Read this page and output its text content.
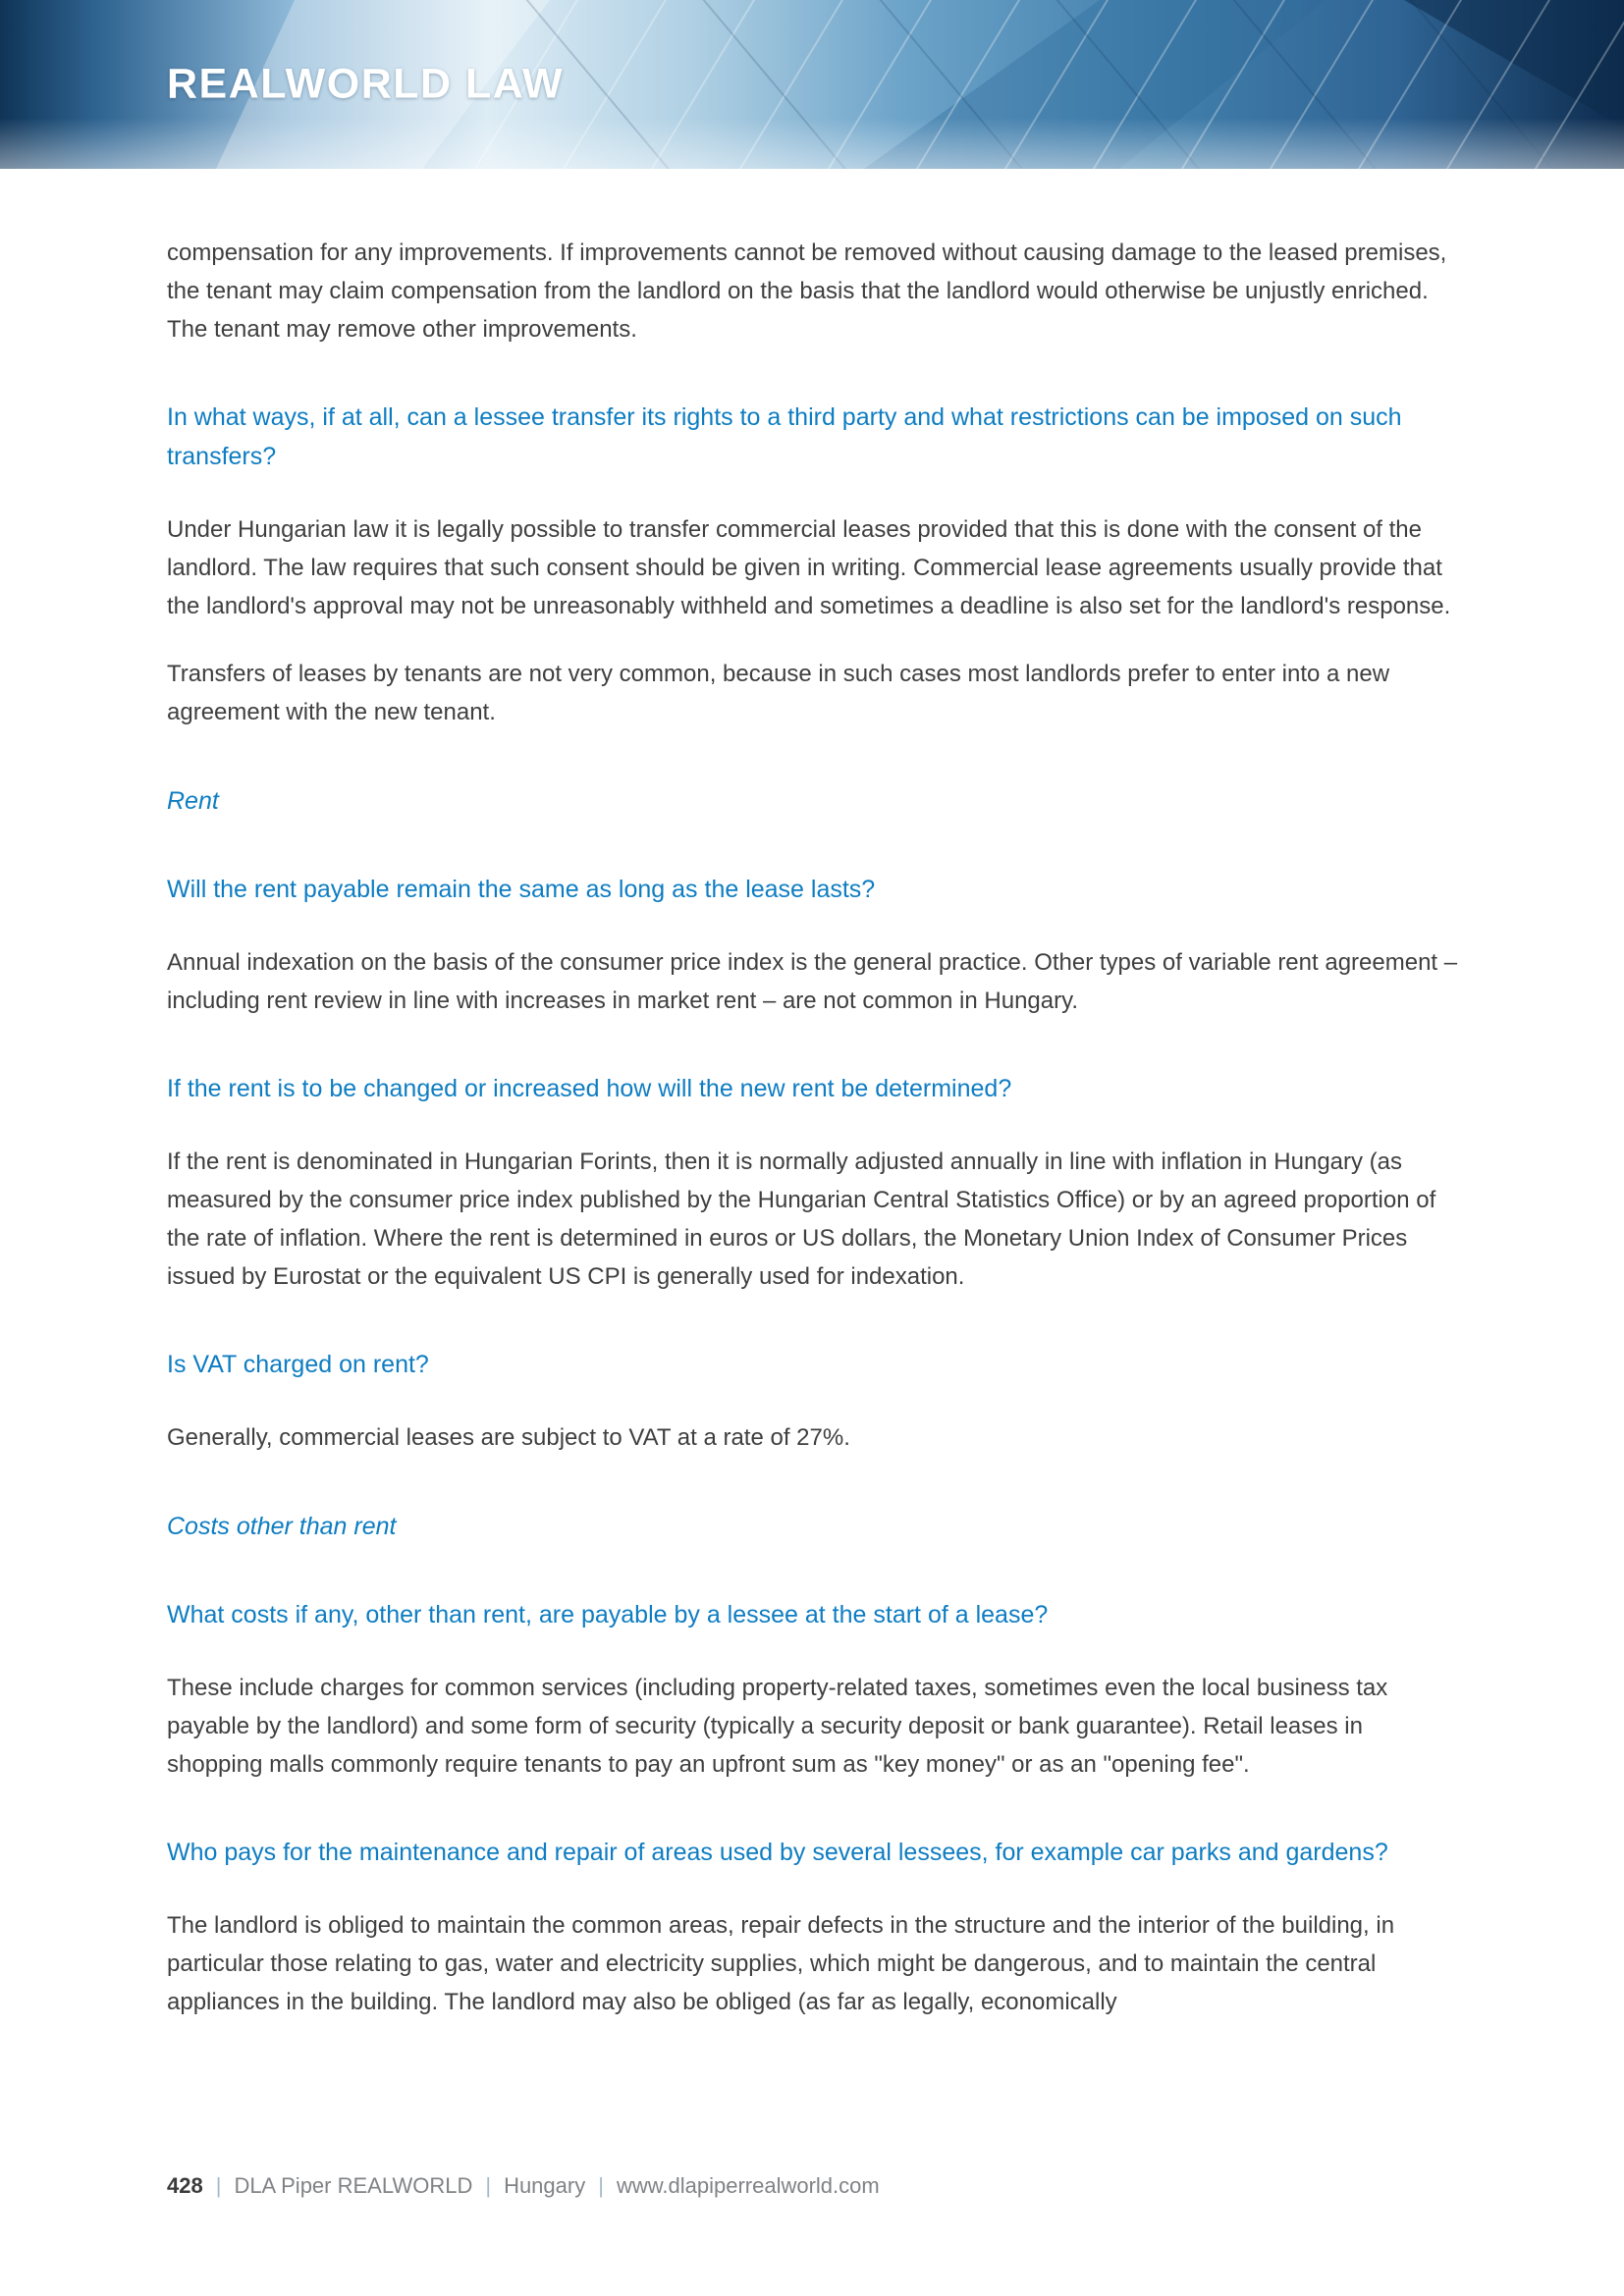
REALWORLD LAW

compensation for any improvements. If improvements cannot be removed without causing damage to the leased premises, the tenant may claim compensation from the landlord on the basis that the landlord would otherwise be unjustly enriched. The tenant may remove other improvements.

In what ways, if at all, can a lessee transfer its rights to a third party and what restrictions can be imposed on such transfers?

Under Hungarian law it is legally possible to transfer commercial leases provided that this is done with the consent of the landlord. The law requires that such consent should be given in writing. Commercial lease agreements usually provide that the landlord's approval may not be unreasonably withheld and sometimes a deadline is also set for the landlord's response.

Transfers of leases by tenants are not very common, because in such cases most landlords prefer to enter into a new agreement with the new tenant.

Rent
Will the rent payable remain the same as long as the lease lasts?

Annual indexation on the basis of the consumer price index is the general practice. Other types of variable rent agreement – including rent review in line with increases in market rent – are not common in Hungary.

If the rent is to be changed or increased how will the new rent be determined?

If the rent is denominated in Hungarian Forints, then it is normally adjusted annually in line with inflation in Hungary (as measured by the consumer price index published by the Hungarian Central Statistics Office) or by an agreed proportion of the rate of inflation. Where the rent is determined in euros or US dollars, the Monetary Union Index of Consumer Prices issued by Eurostat or the equivalent US CPI is generally used for indexation.

Is VAT charged on rent?

Generally, commercial leases are subject to VAT at a rate of 27%.

Costs other than rent
What costs if any, other than rent, are payable by a lessee at the start of a lease?

These include charges for common services (including property-related taxes, sometimes even the local business tax payable by the landlord) and some form of security (typically a security deposit or bank guarantee). Retail leases in shopping malls commonly require tenants to pay an upfront sum as "key money" or as an "opening fee".

Who pays for the maintenance and repair of areas used by several lessees, for example car parks and gardens?

The landlord is obliged to maintain the common areas, repair defects in the structure and the interior of the building, in particular those relating to gas, water and electricity supplies, which might be dangerous, and to maintain the central appliances in the building. The landlord may also be obliged (as far as legally, economically

428 | DLA Piper REALWORLD | Hungary | www.dlapiperrealworld.com
